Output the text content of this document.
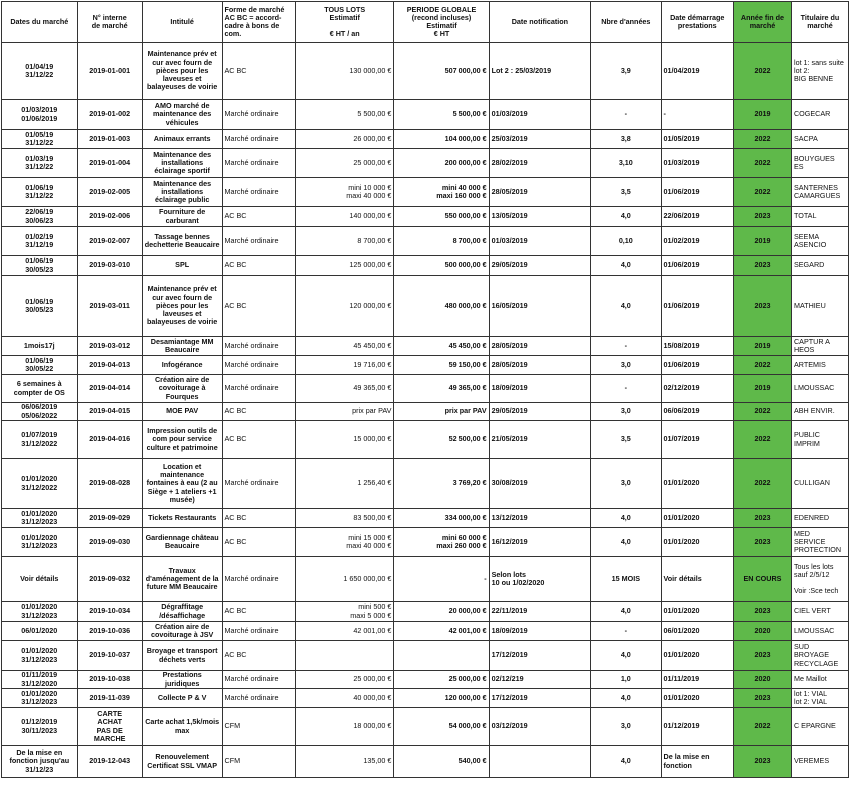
Dates du marché	N° interne
de marché	Intitulé	Forme de marché
AC BC = accord-
cadre à bons de
com.	TOUS LOTS
Estimatif

€ HT / an	PERIODE GLOBALE
(recond incluses)
Estimatif
€ HT	Date notification	Nbre d'années	Date démarrage
prestations	Année fin de
marché	Titulaire du
marché

01/04/19
31/12/22	2019-01-001	Maintenance prév et cur avec fourn de pièces pour les laveuses et balayeuses de voirie	AC BC	130 000,00 €	507 000,00 €	Lot 2 : 25/03/2019	3,9	01/04/2019	2022	lot 1: sans suite
lot 2:
BIG BENNE

01/03/2019
01/06/2019	2019-01-002	AMO marché de maintenance des véhicules	Marché ordinaire	5 500,00 €	5 500,00 €	01/03/2019	-	-	2019	COGECAR

01/05/19
31/12/22	2019-01-003	Animaux errants	Marché ordinaire	26 000,00 €	104 000,00 €	25/03/2019	3,8	01/05/2019	2022	SACPA

01/03/19
31/12/22	2019-01-004	Maintenance des installations éclairage sportif	Marché ordinaire	25 000,00 €	200 000,00 €	28/02/2019	3,10	01/03/2019	2022	BOUYGUES
ES

01/06/19
31/12/22	2019-02-005	Maintenance des installations éclairage public	Marché ordinaire	mini 10 000 €
maxi 40 000 €	mini 40 000 €
maxi 160 000 €	28/05/2019	3,5	01/06/2019	2022	SANTERNES
CAMARGUES

22/06/19
30/06/23	2019-02-006	Fourniture de carburant	AC BC	140 000,00 €	550 000,00 €	13/05/2019	4,0	22/06/2019	2023	TOTAL

01/02/19
31/12/19	2019-02-007	Tassage bennes dechetterie Beaucaire	Marché ordinaire	8 700,00 €	8 700,00 €	01/03/2019	0,10	01/02/2019	2019	SEEMA
ASENCIO

01/06/19
30/05/23	2019-03-010	SPL	AC BC	125 000,00 €	500 000,00 €	29/05/2019	4,0	01/06/2019	2023	SEGARD

01/06/19
30/05/23	2019-03-011	Maintenance prév et cur avec fourn de pièces pour les laveuses et balayeuses de voirie	AC BC	120 000,00 €	480 000,00 €	16/05/2019	4,0	01/06/2019	2023	MATHIEU

1mois17j	2019-03-012	Desamiantage MM Beaucaire	Marché ordinaire	45 450,00 €	45 450,00 €	28/05/2019	-	15/08/2019	2019	CAPTUR A
HEOS

01/06/19
30/05/22	2019-04-013	Infogérance	Marché ordinaire	19 716,00 €	59 150,00 €	28/05/2019	3,0	01/06/2019	2022	ARTEMIS

6 semaines à
compter de OS	2019-04-014	Création aire de covoiturage à Fourques	Marché ordinaire	49 365,00 €	49 365,00 €	18/09/2019	-	02/12/2019	2019	LMOUSSAC

06/06/2019
05/06/2022	2019-04-015	MOE PAV	AC BC	prix par PAV	prix par PAV	29/05/2019	3,0	06/06/2019	2022	ABH ENVIR.

01/07/2019
31/12/2022	2019-04-016	Impression outils de com pour service culture et patrimoine	AC BC	15 000,00 €	52 500,00 €	21/05/2019	3,5	01/07/2019	2022	PUBLIC
IMPRIM

01/01/2020
31/12/2022	2019-08-028	Location et maintenance fontaines à eau (2 au Siège + 1 ateliers +1 musée)	Marché ordinaire	1 256,40 €	3 769,20 €	30/08/2019	3,0	01/01/2020	2022	CULLIGAN

01/01/2020
31/12/2023	2019-09-029	Tickets Restaurants	AC BC	83 500,00 €	334 000,00 €	13/12/2019	4,0	01/01/2020	2023	EDENRED

01/01/2020
31/12/2023	2019-09-030	Gardiennage château Beaucaire	AC BC	mini 15 000 €
maxi 40 000 €	mini 60 000 €
maxi 260 000 €	16/12/2019	4,0	01/01/2020	2023	MED
SERVICE
PROTECTION

Voir détails	2019-09-032	Travaux d'aménagement de la future MM Beaucaire	Marché ordinaire	1 650 000,00 €	-	Selon lots
10 ou 1/02/2020	15 MOIS	Voir détails	EN COURS	Tous les lots sauf 2/5/12

Voir :Sce tech

01/01/2020
31/12/2023	2019-10-034	Dégraffitage /désaffichage	AC BC	mini 500 €
maxi 5 000 €	20 000,00 €	22/11/2019	4,0	01/01/2020	2023	CIEL VERT

06/01/2020	2019-10-036	Création aire de covoiturage à JSV	Marché ordinaire	42 001,00 €	42 001,00 €	18/09/2019	-	06/01/2020	2020	LMOUSSAC

01/01/2020
31/12/2023	2019-10-037	Broyage et transport déchets verts	AC BC			17/12/2019	4,0	01/01/2020	2023	SUD
BROYAGE
RECYCLAGE

01/11/2019
31/12/2020	2019-10-038	Prestations juridiques	Marché ordinaire	25 000,00 €	25 000,00 €	02/12/219	1,0	01/11/2019	2020	Me Maillot

01/01/2020
31/12/2023	2019-11-039	Collecte P & V	Marché ordinaire	40 000,00 €	120 000,00 €	17/12/2019	4,0	01/01/2020	2023	lot 1: VIAL
lot 2: VIAL

01/12/2019
30/11/2023	CARTE
ACHAT
PAS DE
MARCHE	Carte achat 1,5k/mois max	CFM	18 000,00 €	54 000,00 €	03/12/2019	3,0	01/12/2019	2022	C EPARGNE

De la mise en
fonction jusqu'au
31/12/23	2019-12-043	Renouvelement Certificat SSL VMAP	CFM	135,00 €	540,00 €		4,0	De la mise en
fonction	2023	VEREMES
